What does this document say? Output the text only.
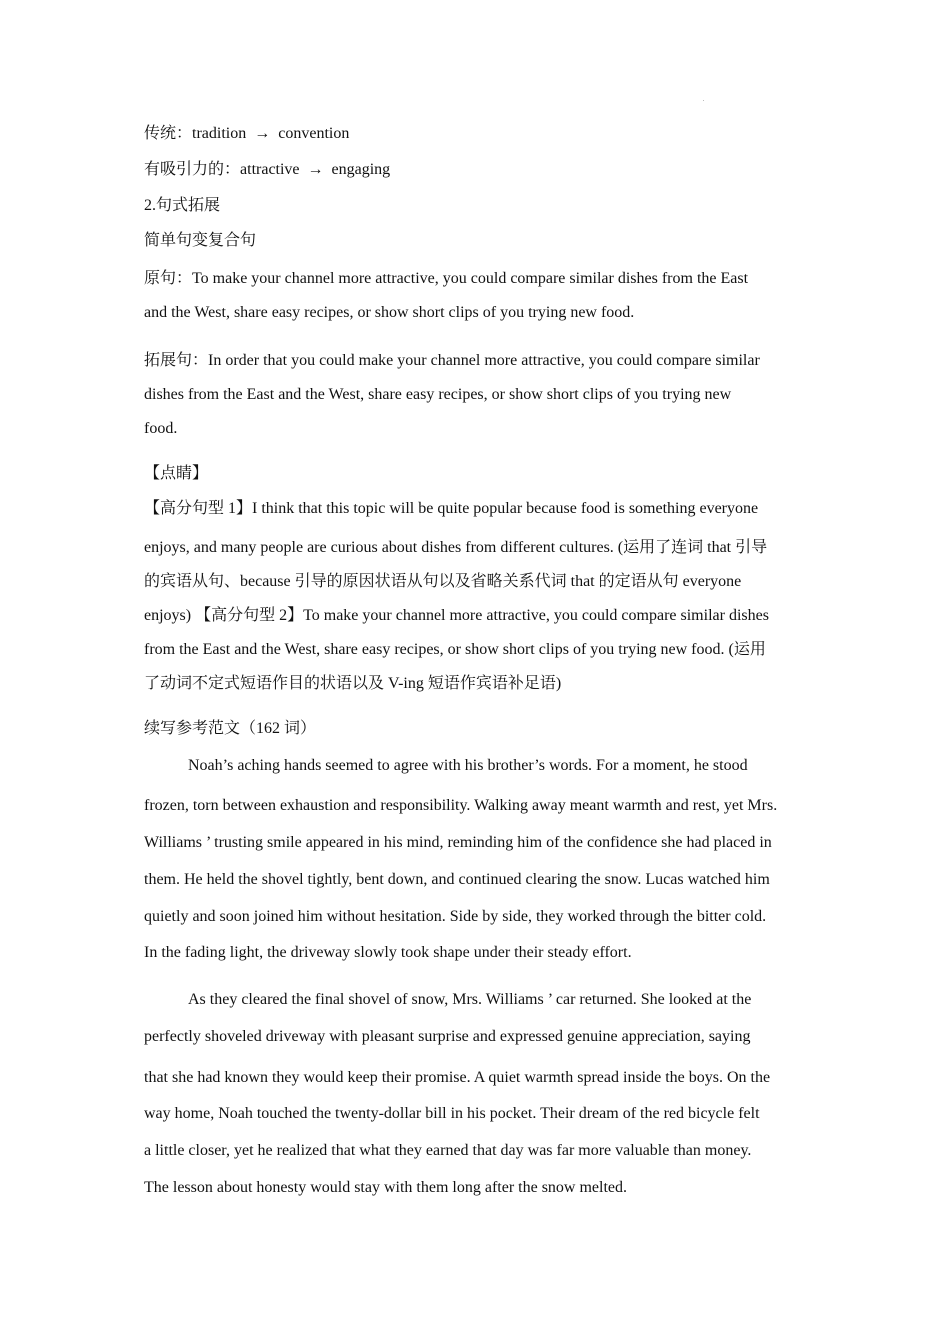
传统：tradition → convention
有吸引力的：attractive → engaging
2.句式拓展
简单句变复合句
原句：To make your channel more attractive, you could compare similar dishes from the East
and the West, share easy recipes, or show short clips of you trying new food.
拓展句：In order that you could make your channel more attractive, you could compare similar
dishes from the East and the West, share easy recipes, or show short clips of you trying new
food.
【点睛】
【高分句型 1】I think that this topic will be quite popular because food is something everyone
enjoys, and many people are curious about dishes from different cultures. (运用了连词 that 引导
的宾语从句、because 引导的原因状语从句以及省略关系代词 that 的定语从句 everyone
enjoys) 【高分句型 2】To make your channel more attractive, you could compare similar dishes
from the East and the West, share easy recipes, or show short clips of you trying new food. (运用
了动词不定式短语作目的状语以及 V-ing 短语作宾语补足语)
续写参考范文（162 词）
Noah’s aching hands seemed to agree with his brother’s words. For a moment, he stood
frozen, torn between exhaustion and responsibility. Walking away meant warmth and rest, yet Mrs.
Williams ’ trusting smile appeared in his mind, reminding him of the confidence she had placed in
them. He held the shovel tightly, bent down, and continued clearing the snow. Lucas watched him
quietly and soon joined him without hesitation. Side by side, they worked through the bitter cold.
In the fading light, the driveway slowly took shape under their steady effort.
As they cleared the final shovel of snow, Mrs. Williams ’ car returned. She looked at the
perfectly shoveled driveway with pleasant surprise and expressed genuine appreciation, saying
that she had known they would keep their promise. A quiet warmth spread inside the boys. On the
way home, Noah touched the twenty-dollar bill in his pocket. Their dream of the red bicycle felt
a little closer, yet he realized that what they earned that day was far more valuable than money.
The lesson about honesty would stay with them long after the snow melted.
